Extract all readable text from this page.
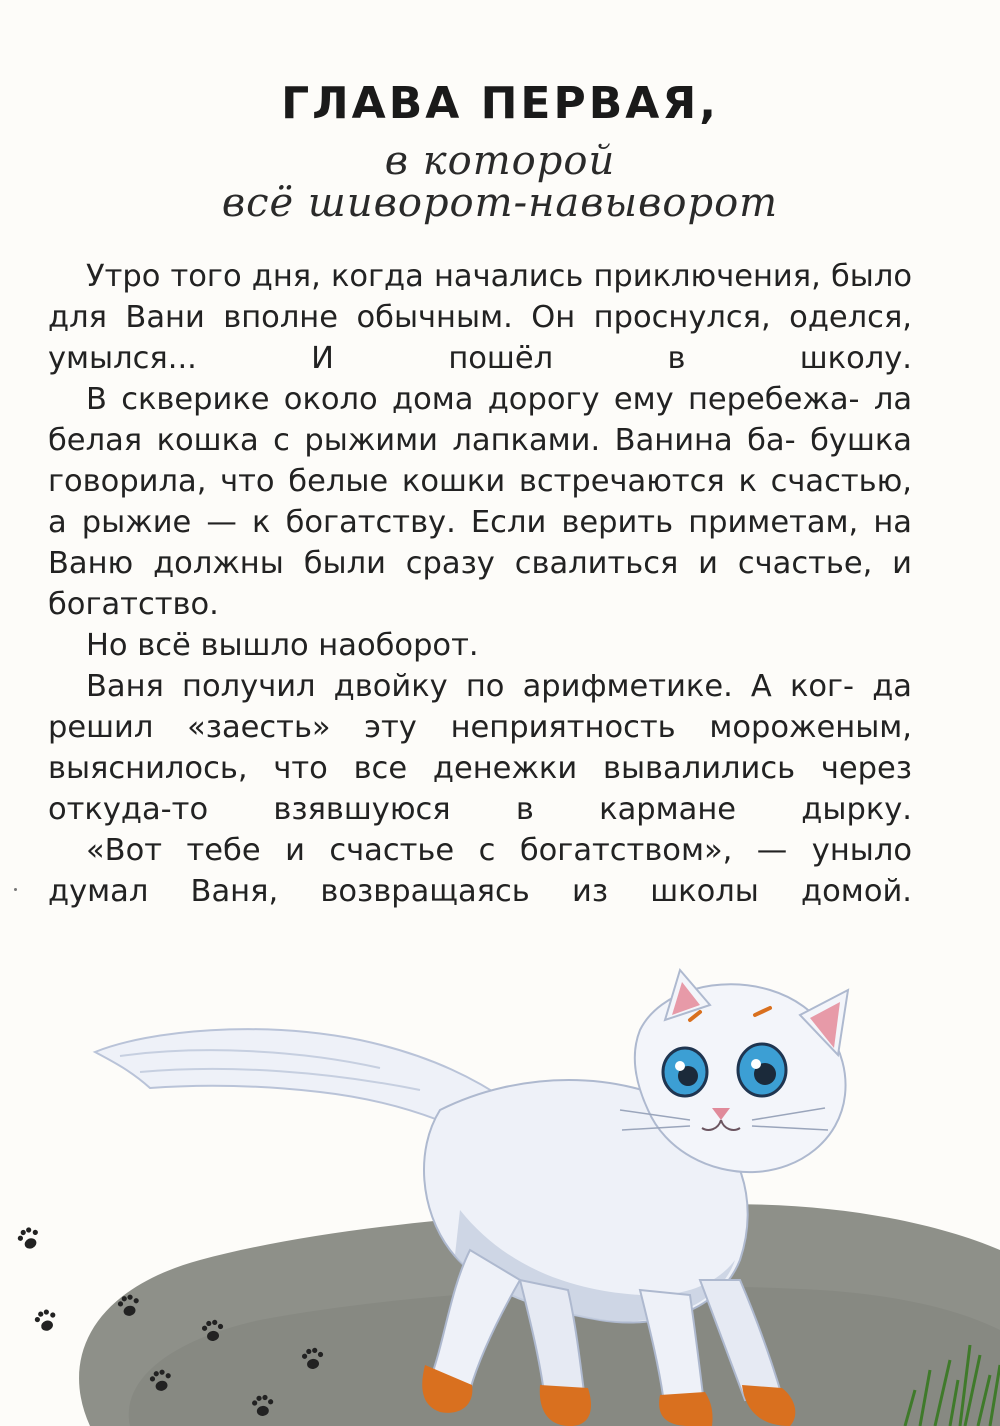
ГЛАВА ПЕРВАЯ,
в которой
всё шиворот-навыворот

Утро того дня, когда начались приключения, было для Вани вполне обычным. Он проснулся, оделся, умылся... И пошёл в школу.

В скверике около дома дорогу ему перебежа- ла белая кошка с рыжими лапками. Ванина ба- бушка говорила, что белые кошки встречаются к счастью, а рыжие — к богатству. Если верить приметам, на Ваню должны были сразу свалиться и счастье, и богатство.

Но всё вышло наоборот.

Ваня получил двойку по арифметике. А ког- да решил «заесть» эту неприятность мороженым, выяснилось, что все денежки вывалились через откуда-то взявшуюся в кармане дырку.

«Вот тебе и счастье с богатством», — уныло думал Ваня, возвращаясь из школы домой.
